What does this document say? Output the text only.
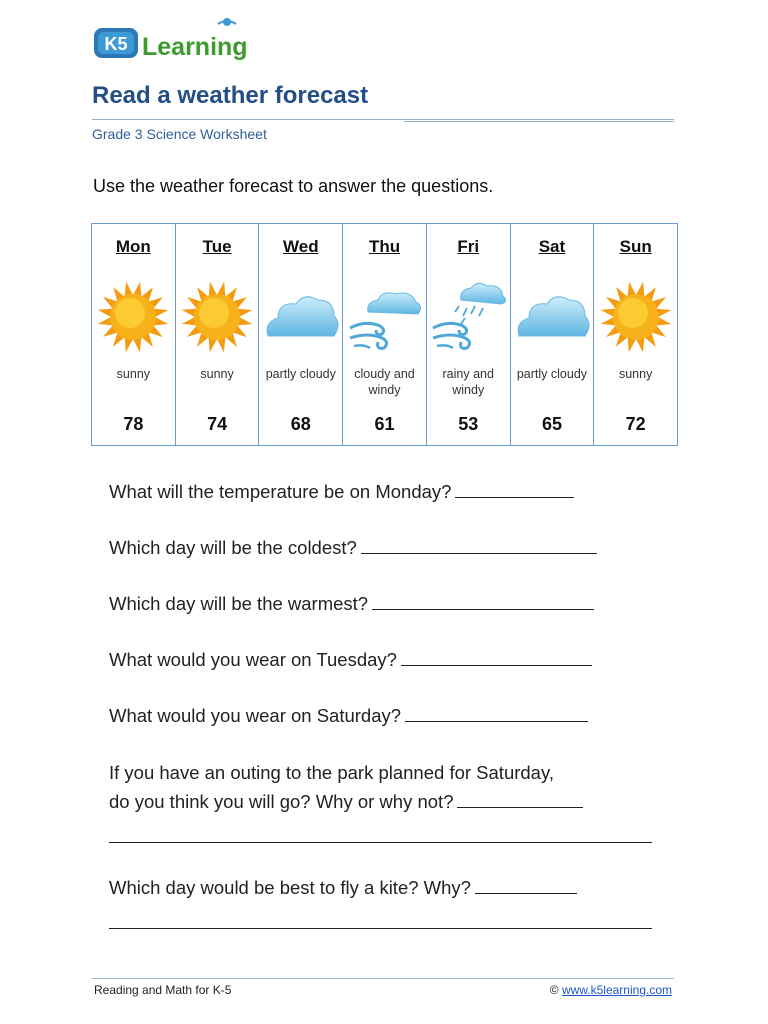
K5 Learning
Read a weather forecast
Grade 3 Science Worksheet
Use the weather forecast to answer the questions.
Mon
sunny
78
Tue
sunny
74
Wed
partly cloudy
68
Thu
cloudy and windy
61
Fri
rainy and windy
53
Sat
partly cloudy
65
Sun
sunny
72
What will the temperature be on Monday?
Which day will be the coldest?
Which day will be the warmest?
What would you wear on Tuesday?
What would you wear on Saturday?
If you have an outing to the park planned for Saturday,
do you think you will go? Why or why not?
Which day would be best to fly a kite? Why?
Reading and Math for K-5	© www.k5learning.com
